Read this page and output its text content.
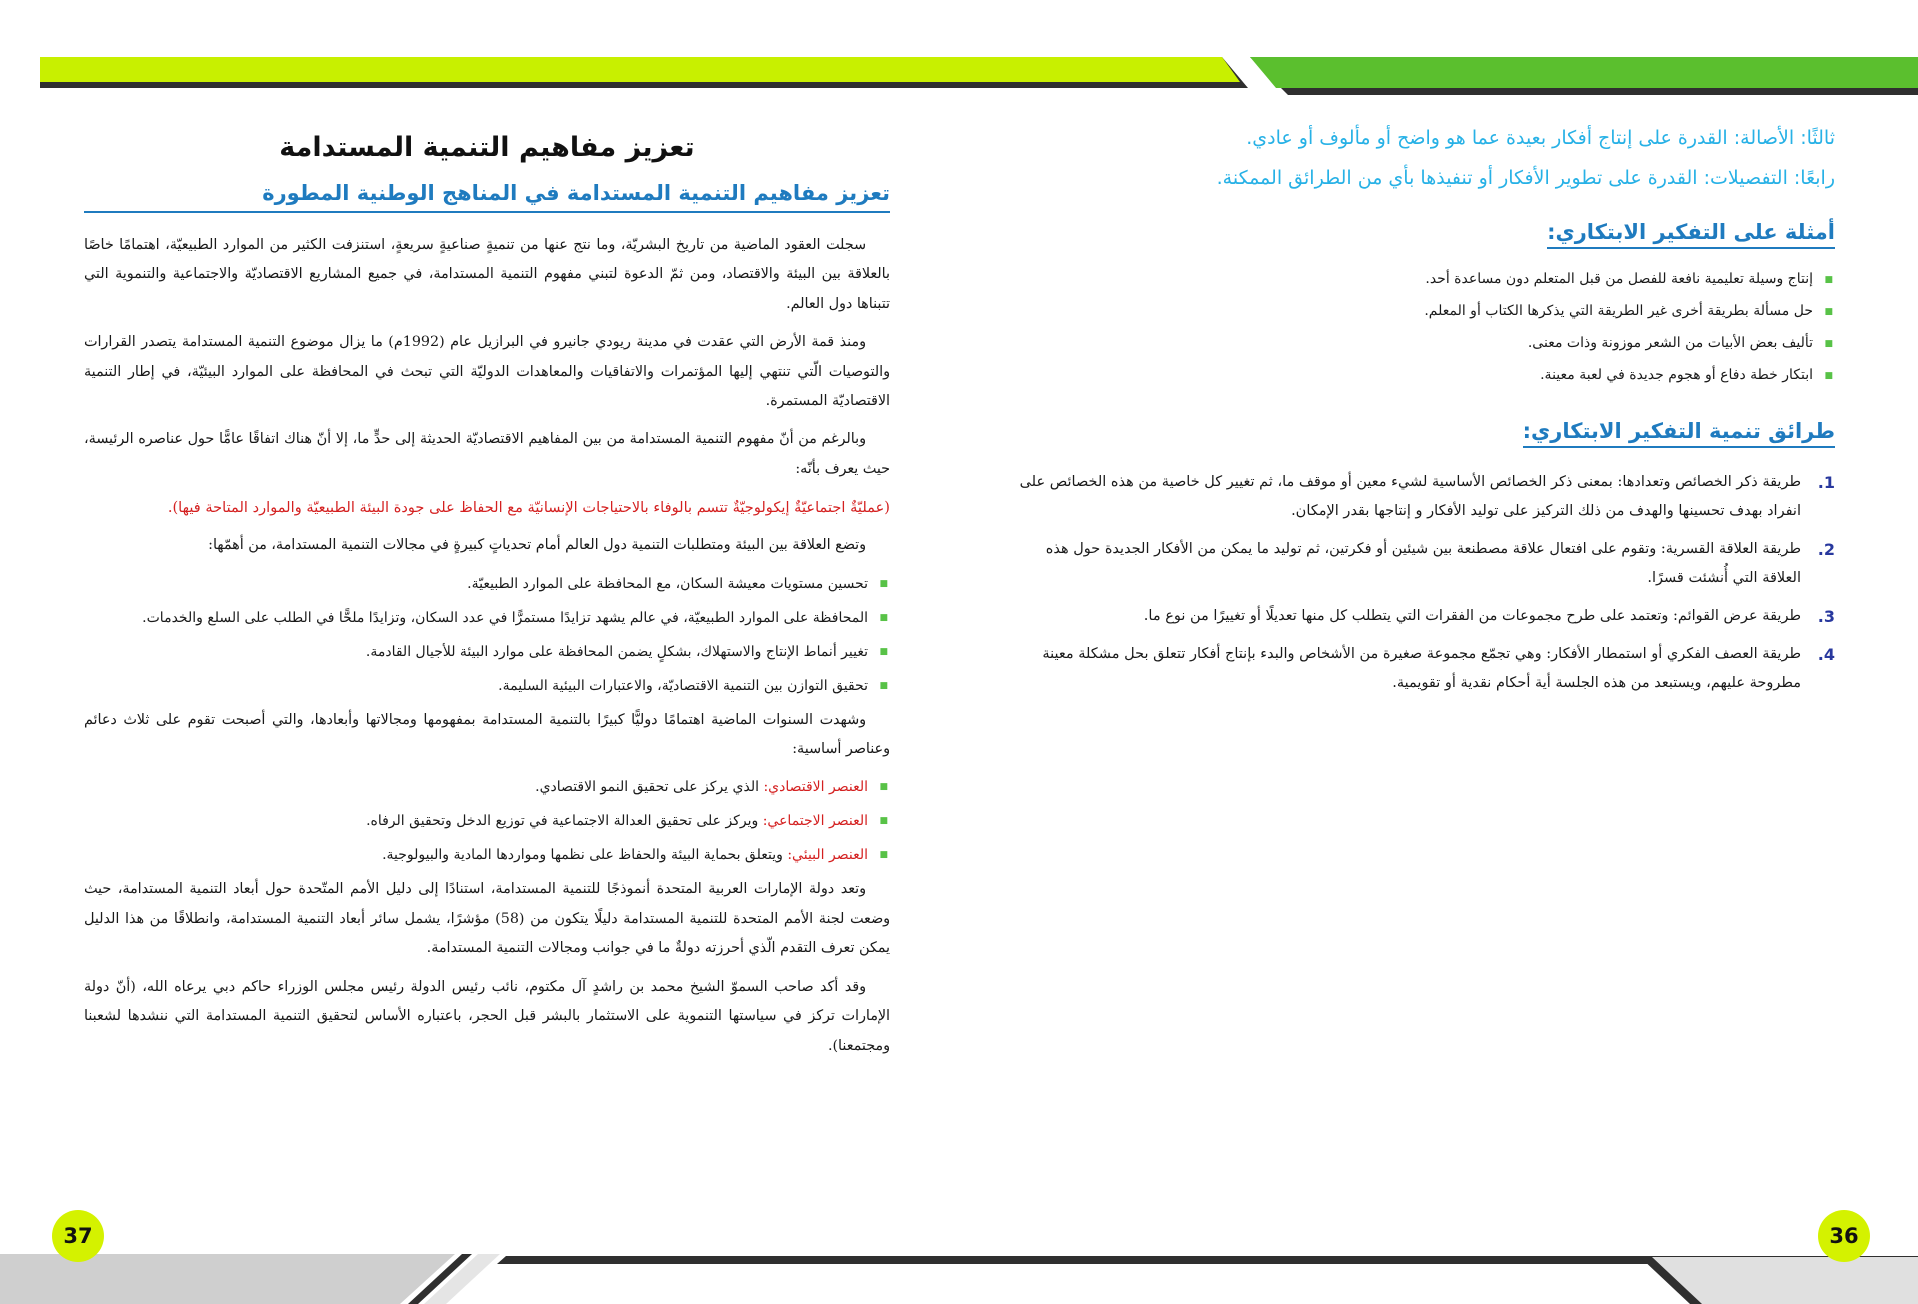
ثالثًا: الأصالة: القدرة على إنتاج أفكار بعيدة عما هو واضح أو مألوف أو عادي.
رابعًا: التفصيلات: القدرة على تطوير الأفكار أو تنفيذها بأي من الطرائق الممكنة.
أمثلة على التفكير الابتكاري:
■ إنتاج وسيلة تعليمية نافعة للفصل من قبل المتعلم دون مساعدة أحد.
■ حل مسألة بطريقة أخرى غير الطريقة التي يذكرها الكتاب أو المعلم.
■ تأليف بعض الأبيات من الشعر موزونة وذات معنى.
■ ابتكار خطة دفاع أو هجوم جديدة في لعبة معينة.
طرائق تنمية التفكير الابتكاري:
1.
طريقة ذكر الخصائص وتعدادها: بمعنى ذكر الخصائص الأساسية لشيء معين أو موقف ما، ثم تغيير كل خاصية من هذه الخصائص على انفراد بهدف تحسينها والهدف من ذلك التركيز على توليد الأفكار و إنتاجها بقدر الإمكان.
2.
طريقة العلاقة القسرية: وتقوم على افتعال علاقة مصطنعة بين شيئين أو فكرتين، ثم توليد ما يمكن من الأفكار الجديدة حول هذه العلاقة التي أُنشئت قسرًا.
3.
طريقة عرض القوائم: وتعتمد على طرح مجموعات من الفقرات التي يتطلب كل منها تعديلًا أو تغييرًا من نوع ما.
4.
طريقة العصف الفكري أو استمطار الأفكار: وهي تجمّع مجموعة صغيرة من الأشخاص والبدء بإنتاج أفكار تتعلق بحل مشكلة معينة مطروحة عليهم، ويستبعد من هذه الجلسة أية أحكام نقدية أو تقويمية.
تعزيز مفاهيم التنمية المستدامة
تعزيز مفاهيم التنمية المستدامة في المناهج الوطنية المطورة

سجلت العقود الماضية من تاريخ البشريّة، وما نتج عنها من تنميةٍ صناعيةٍ سريعةٍ، استنزفت الكثير من الموارد الطبيعيّة، اهتمامًا خاصًا بالعلاقة بين البيئة والاقتصاد، ومن ثمّ الدعوة لتبني مفهوم التنمية المستدامة، في جميع المشاريع الاقتصاديّة والاجتماعية والتنموية التي تتبناها دول العالم.

ومنذ قمة الأرض التي عقدت في مدينة ريودي جانيرو في البرازيل عام (1992م) ما يزال موضوع التنمية المستدامة يتصدر القرارات والتوصيات الّتي تنتهي إليها المؤتمرات والاتفاقيات والمعاهدات الدوليّة التي تبحث في المحافظة على الموارد البيئيّة، في إطار التنمية الاقتصاديّة المستمرة.

وبالرغم من أنّ مفهوم التنمية المستدامة من بين المفاهيم الاقتصاديّة الحديثة إلى حدٍّ ما، إلا أنّ هناك اتفاقًا عامًّا حول عناصره الرئيسة، حيث يعرف بأنّه:

(عمليّةٌ اجتماعيّةٌ إيكولوجيّةٌ تتسم بالوفاء بالاحتياجات الإنسانيّة مع الحفاظ على جودة البيئة الطبيعيّة والموارد المتاحة فيها).

وتضع العلاقة بين البيئة ومتطلبات التنمية دول العالم أمام تحدياتٍ كبيرةٍ في مجالات التنمية المستدامة، من أهمّها:

■ تحسين مستويات معيشة السكان، مع المحافظة على الموارد الطبيعيّة.
■ المحافظة على الموارد الطبيعيّة، في عالم يشهد تزايدًا مستمرًّا في عدد السكان، وتزايدًا ملحًّا في الطلب على السلع والخدمات.
■ تغيير أنماط الإنتاج والاستهلاك، بشكلٍ يضمن المحافظة على موارد البيئة للأجيال القادمة.
■ تحقيق التوازن بين التنمية الاقتصاديّة، والاعتبارات البيئية السليمة.

وشهدت السنوات الماضية اهتمامًا دوليًّا كبيرًا بالتنمية المستدامة بمفهومها ومجالاتها وأبعادها، والتي أصبحت تقوم على ثلاث دعائم وعناصر أساسية:

■ العنصر الاقتصادي: الذي يركز على تحقيق النمو الاقتصادي.
■ العنصر الاجتماعي: ويركز على تحقيق العدالة الاجتماعية في توزيع الدخل وتحقيق الرفاه.
■ العنصر البيئي: ويتعلق بحماية البيئة والحفاظ على نظمها ومواردها المادية والبيولوجية.

وتعد دولة الإمارات العربية المتحدة أنموذجًا للتنمية المستدامة، استنادًا إلى دليل الأمم المتّحدة حول أبعاد التنمية المستدامة، حيث وضعت لجنة الأمم المتحدة للتنمية المستدامة دليلًا يتكون من (58) مؤشرًا، يشمل سائر أبعاد التنمية المستدامة، وانطلاقًا من هذا الدليل يمكن تعرف التقدم الّذي أحرزته دولةٌ ما في جوانب ومجالات التنمية المستدامة.

وقد أكد صاحب السموّ الشيخ محمد بن راشدٍ آل مكتوم، نائب رئيس الدولة رئيس مجلس الوزراء حاكم دبي يرعاه الله، (أنّ دولة الإمارات تركز في سياستها التنموية على الاستثمار بالبشر قبل الحجر، باعتباره الأساس لتحقيق التنمية المستدامة التي ننشدها لشعبنا ومجتمعنا).

37	36
